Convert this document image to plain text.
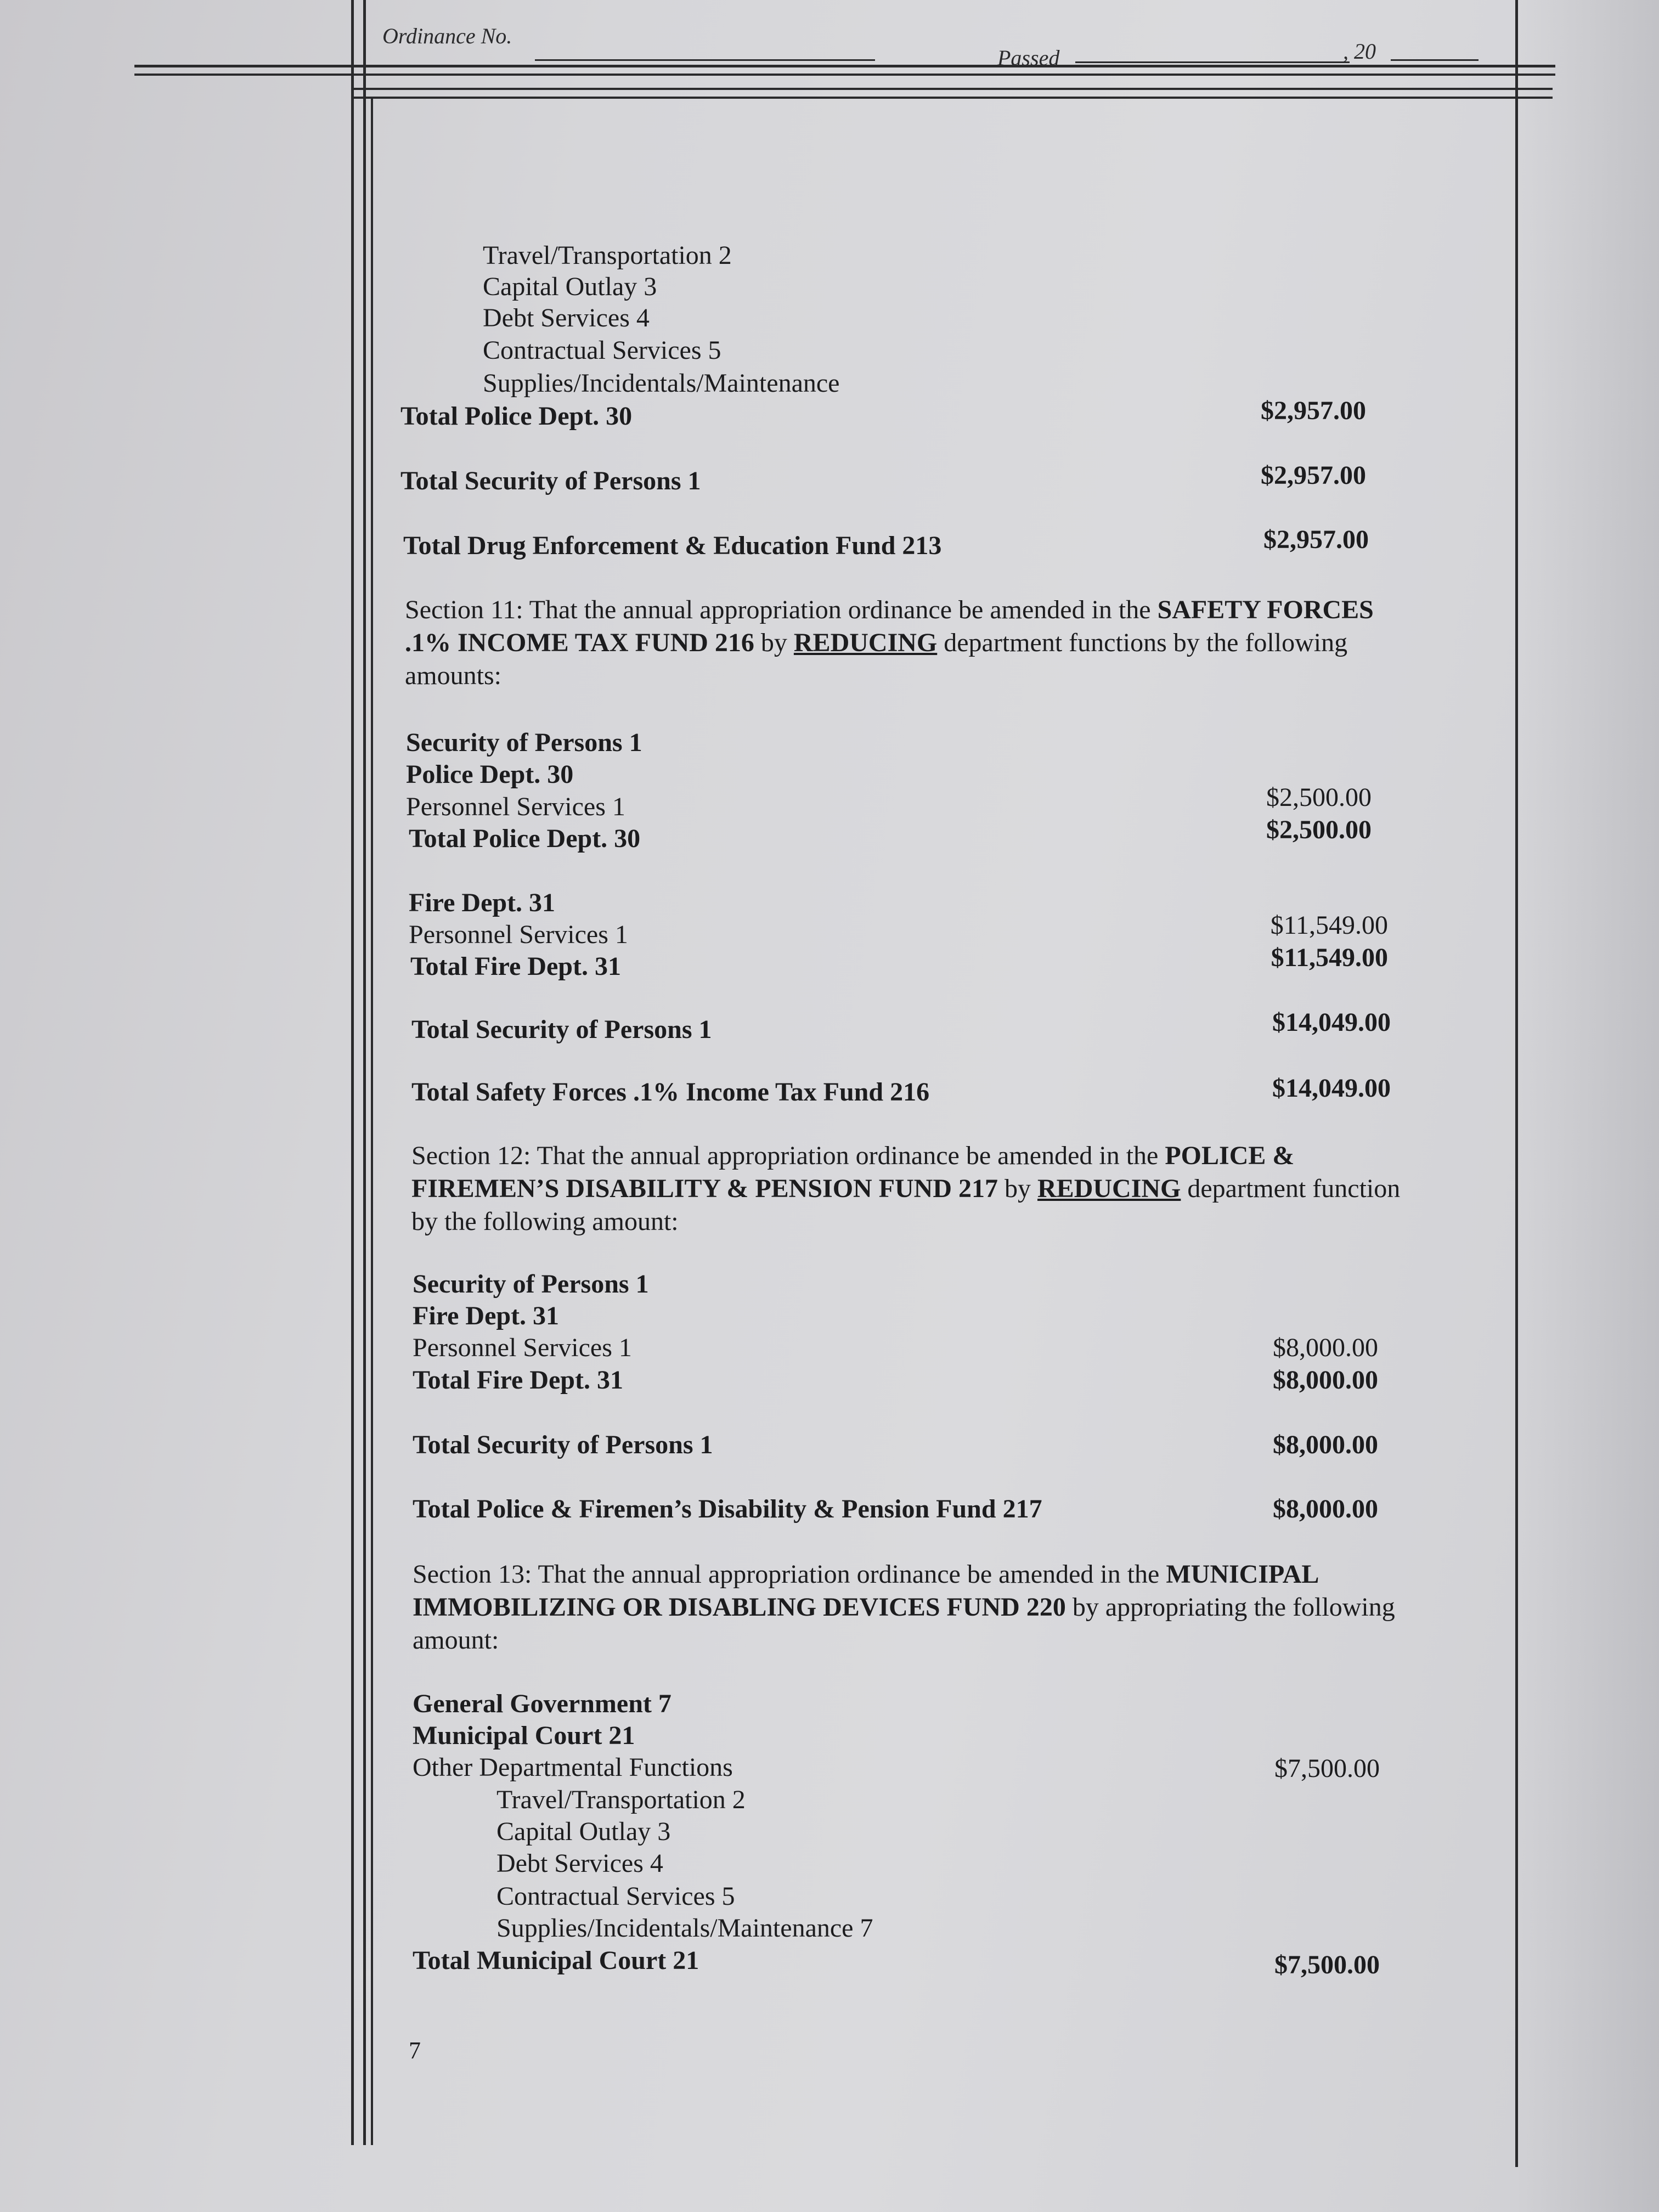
Ordinance No.
Passed	, 20
Travel/Transportation 2
Capital Outlay 3
Debt Services 4
Contractual Services 5
Supplies/Incidentals/Maintenance
Total Police Dept. 30	$2,957.00
Total Security of Persons 1	$2,957.00
Total Drug Enforcement & Education Fund 213	$2,957.00
Section 11: That the annual appropriation ordinance be amended in the SAFETY FORCES .1% INCOME TAX FUND 216 by REDUCING department functions by the following amounts:
Security of Persons 1
Police Dept. 30
Personnel Services 1	$2,500.00
Total Police Dept. 30	$2,500.00
Fire Dept. 31
Personnel Services 1	$11,549.00
Total Fire Dept. 31	$11,549.00
Total Security of Persons 1	$14,049.00
Total Safety Forces .1% Income Tax Fund 216	$14,049.00
Section 12: That the annual appropriation ordinance be amended in the POLICE & FIREMEN’S DISABILITY & PENSION FUND 217 by REDUCING department function by the following amount:
Security of Persons 1
Fire Dept. 31
Personnel Services 1	$8,000.00
Total Fire Dept. 31	$8,000.00
Total Security of Persons 1	$8,000.00
Total Police & Firemen’s Disability & Pension Fund 217	$8,000.00
Section 13: That the annual appropriation ordinance be amended in the MUNICIPAL IMMOBILIZING OR DISABLING DEVICES FUND 220 by appropriating the following amount:
General Government 7
Municipal Court 21
Other Departmental Functions	$7,500.00
Travel/Transportation 2
Capital Outlay 3
Debt Services 4
Contractual Services 5
Supplies/Incidentals/Maintenance 7
Total Municipal Court 21	$7,500.00
7
